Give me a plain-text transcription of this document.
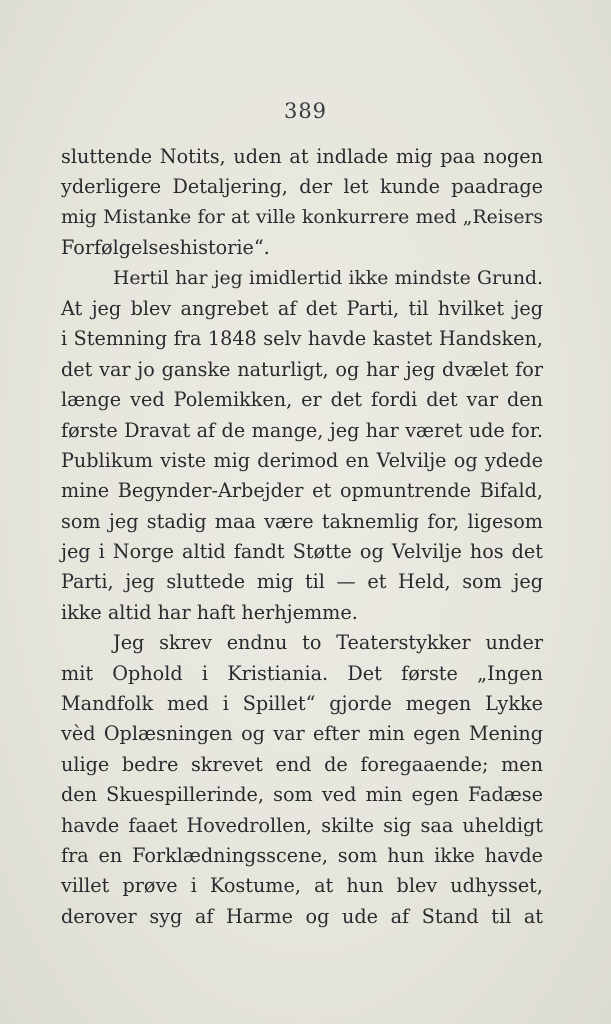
389
sluttende Notits, uden at indlade mig paa nogen
yderligere Detaljering, der let kunde paadrage
mig Mistanke for at ville konkurrere med „Reisers
Forfølgelseshistorie“.
Hertil har jeg imidlertid ikke mindste Grund.
At jeg blev angrebet af det Parti, til hvilket jeg
i Stemning fra 1848 selv havde kastet Handsken,
det var jo ganske naturligt, og har jeg dvælet for
længe ved Polemikken, er det fordi det var den
første Dravat af de mange, jeg har været ude for.
Publikum viste mig derimod en Velvilje og ydede
mine Begynder-Arbejder et opmuntrende Bifald,
som jeg stadig maa være taknemlig for, ligesom
jeg i Norge altid fandt Støtte og Velvilje hos det
Parti, jeg sluttede mig til — et Held, som jeg
ikke altid har haft herhjemme.
Jeg skrev endnu to Teaterstykker under
mit Ophold i Kristiania. Det første „Ingen
Mandfolk med i Spillet“ gjorde megen Lykke
vèd Oplæsningen og var efter min egen Mening
ulige bedre skrevet end de foregaaende; men
den Skuespillerinde, som ved min egen Fadæse
havde faaet Hovedrollen, skilte sig saa uheldigt
fra en Forklædningsscene, som hun ikke havde
villet prøve i Kostume, at hun blev udhysset,
derover syg af Harme og ude af Stand til at
